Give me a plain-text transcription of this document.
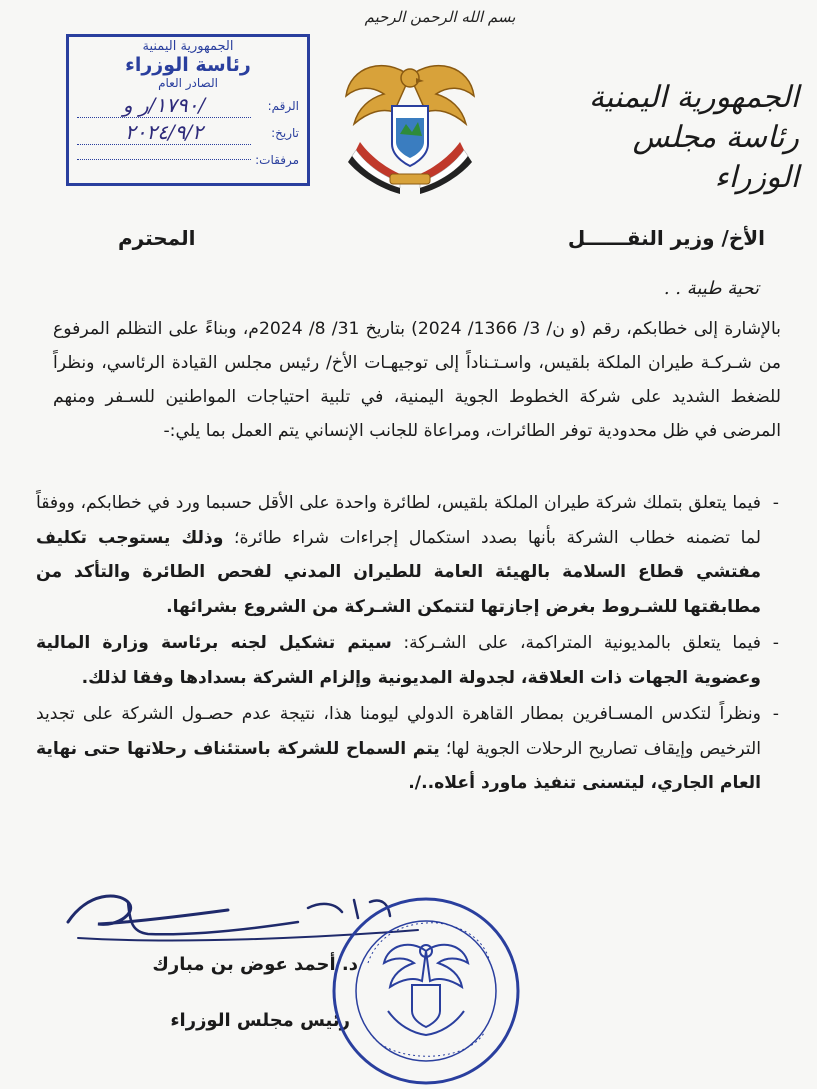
بسم الله الرحمن الرحيم
الجمهورية اليمنية
رئاسة مجلس الوزراء
الجمهورية اليمنية
رئاسة الوزراء
الصادر العام
الرقم:
١٧٩٠/ر و/
تاريخ:
٢٠٢٤/٩/٢
مرفقات:
الأخ/ وزير النقــــــل
المحترم
تحية طيبة . .
بالإشارة إلى خطابكم، رقم (و ن/ 3/ 1366/ 2024) بتاريخ 31/ 8/ 2024م، وبناءً على التظلم المرفوع من شـركـة طيران الملكة بلقيس، واسـتـناداً إلى توجيهـات الأخ/ رئيس مجلس القيادة الرئاسي، ونظراً للضغط الشديد على شركة الخطوط الجوية اليمنية، في تلبية احتياجات المواطنين للسـفر ومنهم المرضى في ظل محدودية توفر الطائرات، ومراعاة للجانب الإنساني يتم العمل بما يلي:-
- فيما يتعلق بتملك شركة طيران الملكة بلقيس، لطائرة واحدة على الأقل حسبما ورد في خطابكم، ووفقاً لما تضمنه خطاب الشركة بأنها بصدد استكمال إجراءات شراء طائرة؛ وذلك يستوجب تكليف مفتشي قطاع السلامة بالهيئة العامة للطيران المدني لفحص الطائرة والتأكد من مطابقتها للشـروط بغرض إجازتها لتتمكن الشـركة من الشروع بشرائها.
- فيما يتعلق بالمديونية المتراكمة، على الشـركة: سيتم تشكيل لجنه برئاسة وزارة المالية وعضوية الجهات ذات العلاقة، لجدولة المديونية وإلزام الشركة بسدادها وفقا لذلك.
- ونظراً لتكدس المسـافرين بمطار القاهرة الدولي ليومنا هذا، نتيجة عدم حصـول الشركة على تجديد الترخيص وإيقاف تصاريح الرحلات الجوية لها؛ يتم السماح للشركة باستئناف رحلاتها حتى نهاية العام الجاري، ليتسنى تنفيذ ماورد أعلاه../.
د. أحمد عوض بن مبارك
رئيس مجلس الوزراء
